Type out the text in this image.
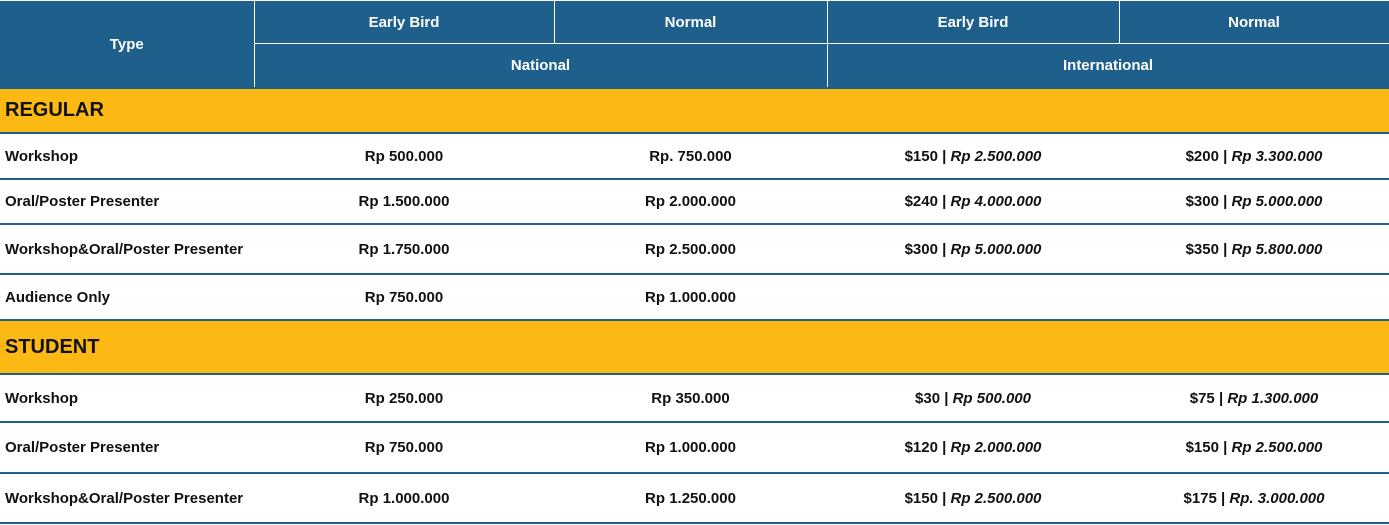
Type	Early Bird	Normal	Early Bird	Normal
	National		International	
REGULAR				
Workshop	Rp 500.000	Rp. 750.000	$150 | Rp 2.500.000	$200 | Rp 3.300.000
Oral/Poster Presenter	Rp 1.500.000	Rp 2.000.000	$240 | Rp 4.000.000	$300 | Rp 5.000.000
Workshop&Oral/Poster Presenter	Rp 1.750.000	Rp 2.500.000	$300 | Rp 5.000.000	$350 | Rp 5.800.000
Audience Only	Rp 750.000	Rp 1.000.000		
STUDENT				
Workshop	Rp 250.000	Rp 350.000	$30 | Rp 500.000	$75 | Rp 1.300.000
Oral/Poster Presenter	Rp 750.000	Rp 1.000.000	$120 | Rp 2.000.000	$150 | Rp 2.500.000
Workshop&Oral/Poster Presenter	Rp 1.000.000	Rp 1.250.000	$150 | Rp 2.500.000	$175 | Rp. 3.000.000
